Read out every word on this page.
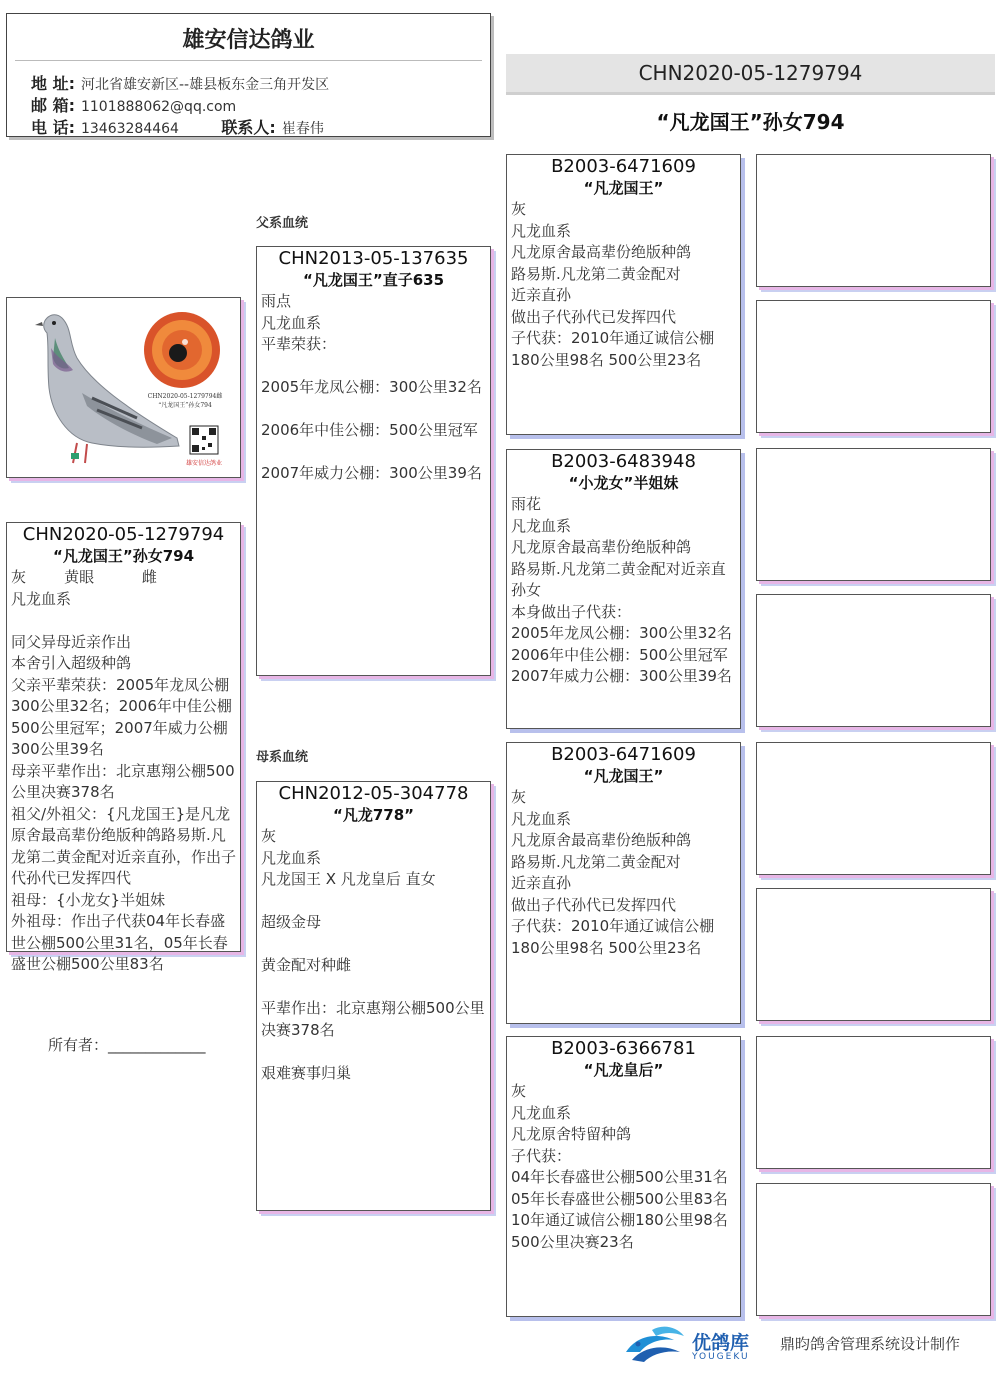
雄安信达鸽业
地 址: 河北省雄安新区--雄县板东金三角开发区
邮 箱: 1101888062@qq.com
电 话: 13463284464	联系人: 崔春伟
CHN2020-05-1279794
“凡龙国王”孙女794
CHN2020-05-1279794雌
“凡龙国王”孙女794
雄安信达鸽业
CHN2020-05-1279794
“凡龙国王”孙女794
灰        黄眼          雌
凡龙血系
同父异母近亲作出
本舍引入超级种鸽
父亲平辈荣获：2005年龙凤公棚300公里32名；2006年中佳公棚500公里冠军；2007年威力公棚300公里39名
母亲平辈作出：北京惠翔公棚500公里决赛378名
祖父/外祖父：{凡龙国王}是凡龙原舍最高辈份绝版种鸽路易斯.凡龙第二黄金配对近亲直孙，作出子代孙代已发挥四代
祖母：{小龙女}半姐妹
外祖母：作出子代获04年长春盛世公棚500公里31名，05年长春盛世公棚500公里83名
所有者：_____________
父系血统
母系血统
CHN2013-05-137635
“凡龙国王”直子635
雨点
凡龙血系
平辈荣获：
2005年龙凤公棚：300公里32名
2006年中佳公棚：500公里冠军
2007年威力公棚：300公里39名
CHN2012-05-304778
“凡龙778”
灰
凡龙血系
凡龙国王 X 凡龙皇后 直女
超级金母
黄金配对种雌
平辈作出：北京惠翔公棚500公里决赛378名
艰难赛事归巢
B2003-6471609
“凡龙国王”
灰
凡龙血系
凡龙原舍最高辈份绝版种鸽
路易斯.凡龙第二黄金配对
近亲直孙
做出子代孙代已发挥四代
子代获：2010年通辽诚信公棚
180公里98名 500公里23名
B2003-6483948
“小龙女”半姐妹
雨花
凡龙血系
凡龙原舍最高辈份绝版种鸽
路易斯.凡龙第二黄金配对近亲直孙女
本身做出子代获：
2005年龙凤公棚：300公里32名
2006年中佳公棚：500公里冠军
2007年威力公棚：300公里39名
B2003-6471609
“凡龙国王”
灰
凡龙血系
凡龙原舍最高辈份绝版种鸽
路易斯.凡龙第二黄金配对
近亲直孙
做出子代孙代已发挥四代
子代获：2010年通辽诚信公棚
180公里98名 500公里23名
B2003-6366781
“凡龙皇后”
灰
凡龙血系
凡龙原舍特留种鸽
子代获：
04年长春盛世公棚500公里31名
05年长春盛世公棚500公里83名
10年通辽诚信公棚180公里98名
500公里决赛23名
优鸽库
YOUGEKU
鼎昀鸽舍管理系统设计制作
